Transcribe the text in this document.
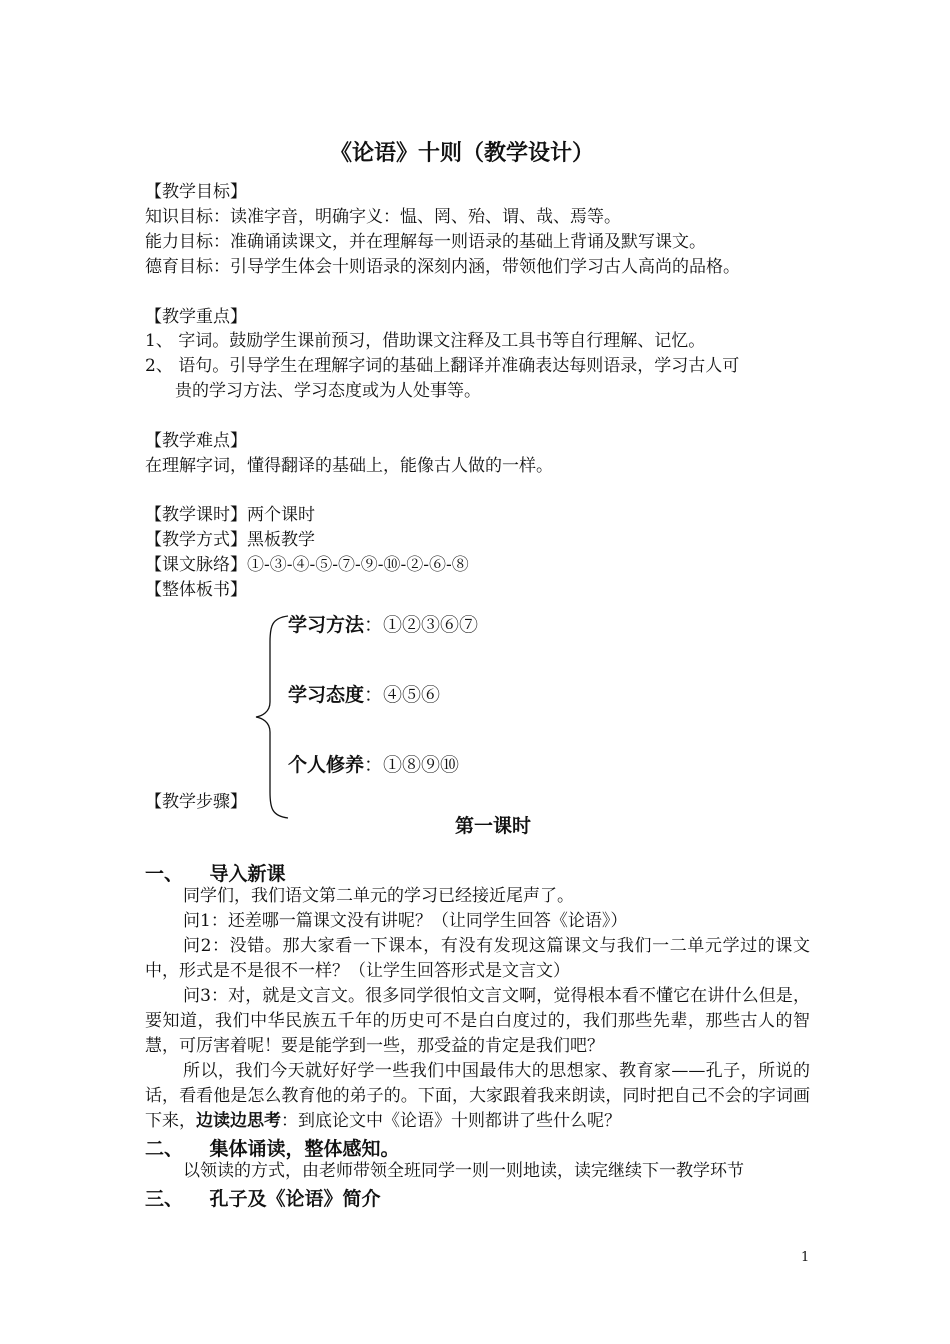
《论语》十则（教学设计）
【教学目标】
知识目标：读准字音，明确字义：愠、罔、殆、谓、哉、焉等。
能力目标：准确诵读课文，并在理解每一则语录的基础上背诵及默写课文。
德育目标：引导学生体会十则语录的深刻内涵，带领他们学习古人高尚的品格。
【教学重点】
1、 字词。鼓励学生课前预习，借助课文注释及工具书等自行理解、记忆。
2、 语句。引导学生在理解字词的基础上翻译并准确表达每则语录，学习古人可
贵的学习方法、学习态度或为人处事等。
【教学难点】
在理解字词，懂得翻译的基础上，能像古人做的一样。
【教学课时】两个课时
【教学方式】黑板教学
【课文脉络】①-③-④-⑤-⑦-⑨-⑩-②-⑥-⑧
【整体板书】
学习方法：①②③⑥⑦
学习态度：④⑤⑥
个人修养：①⑧⑨⑩
【教学步骤】
第一课时
一、    导入新课
同学们，我们语文第二单元的学习已经接近尾声了。
问1：还差哪一篇课文没有讲呢？（让同学生回答《论语》）
问2：没错。那大家看一下课本，有没有发现这篇课文与我们一二单元学过的课文中，形式是不是很不一样？（让学生回答形式是文言文）
问3：对，就是文言文。很多同学很怕文言文啊，觉得根本看不懂它在讲什么但是，要知道，我们中华民族五千年的历史可不是白白度过的，我们那些先辈，那些古人的智慧，可厉害着呢！要是能学到一些，那受益的肯定是我们吧？
所以，我们今天就好好学一些我们中国最伟大的思想家、教育家——孔子，所说的话，看看他是怎么教育他的弟子的。下面，大家跟着我来朗读，同时把自己不会的字词画下来，边读边思考：到底论文中《论语》十则都讲了些什么呢？
二、    集体诵读，整体感知。
以领读的方式，由老师带领全班同学一则一则地读，读完继续下一教学环节
三、    孔子及《论语》简介
1
